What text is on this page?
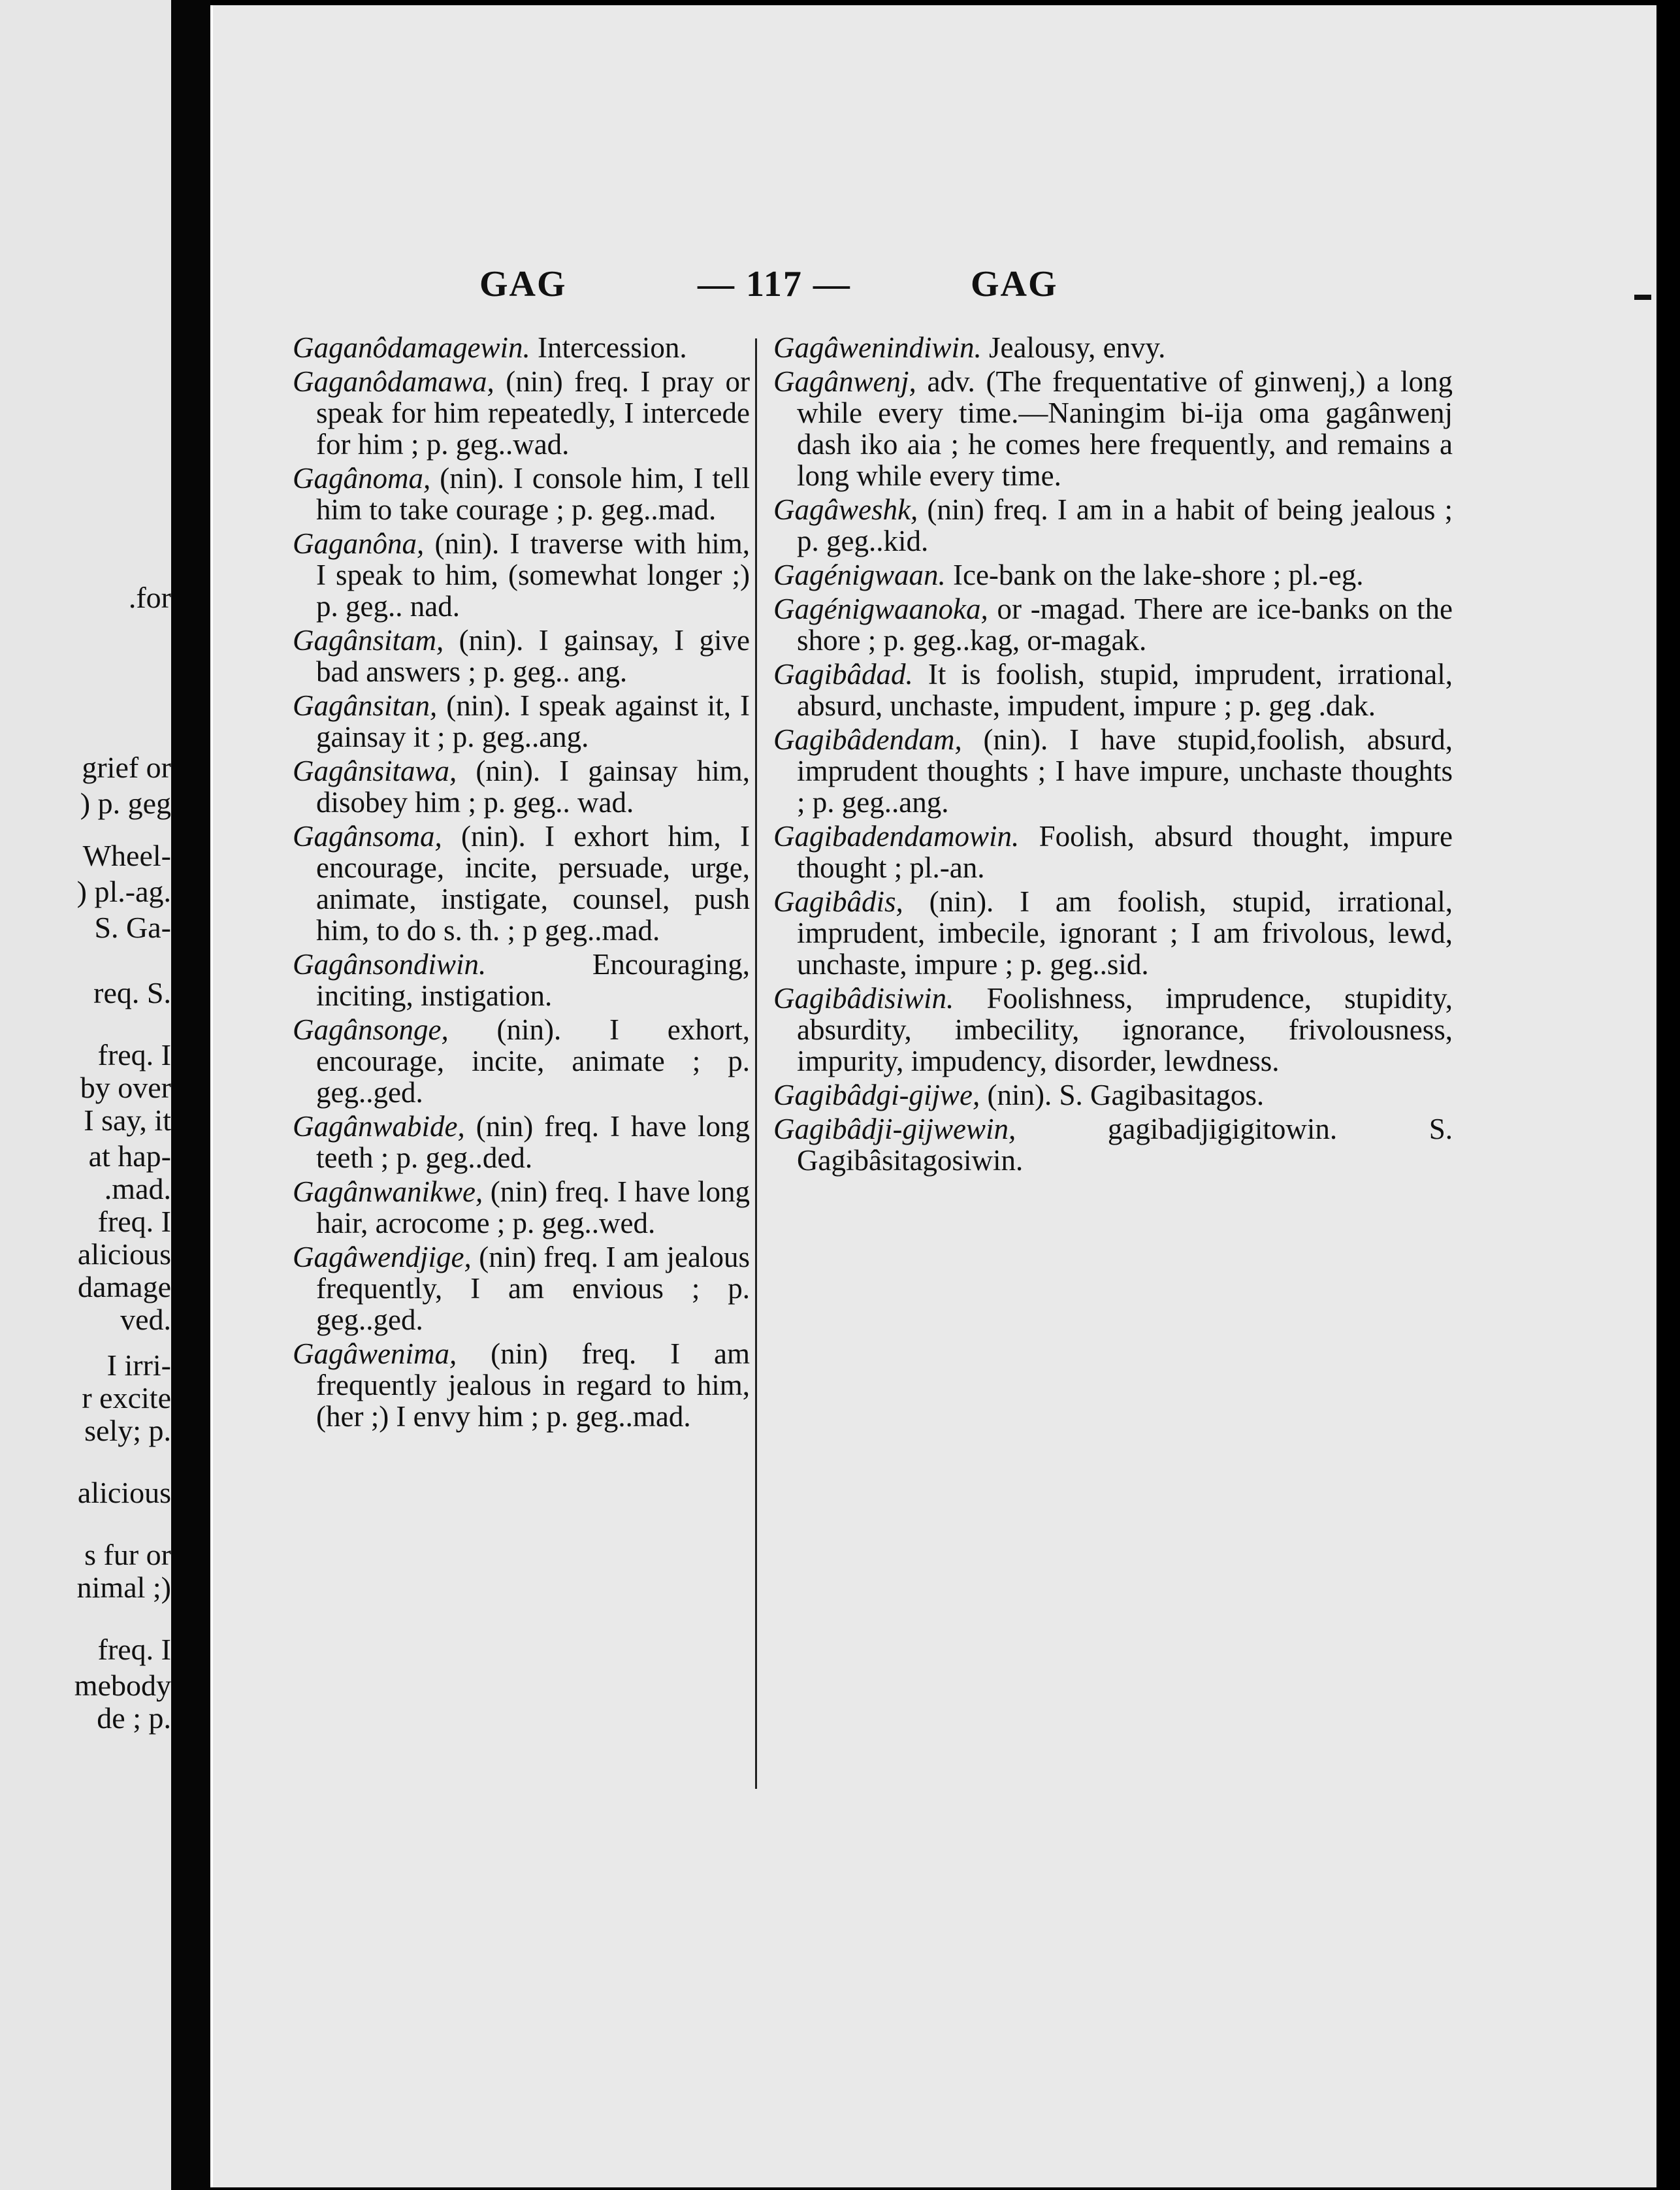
.for
grief or
) p. geg
Wheel-
) pl.-ag.
S. Ga-
req. S.
freq. I
by over
I say, it
at hap-
.mad.
freq. I
alicious
damage
ved.
I irri-
r excite
sely; p.
alicious
s fur or
nimal ;)
freq. I
mebody
de ; p.
GAG	— 117 —	GAG

Gaganôdamagewin. Intercession.

Gaganôdamawa, (nin) freq. I pray or speak for him repeatedly, I intercede for him ; p. geg..wad.

Gagânoma, (nin). I console him, I tell him to take courage ; p. geg..mad.

Gaganôna, (nin). I traverse with him, I speak to him, (somewhat longer ;) p. geg.. nad.

Gagânsitam, (nin). I gainsay, I give bad answers ; p. geg.. ang.

Gagânsitan, (nin). I speak against it, I gainsay it ; p. geg..ang.

Gagânsitawa, (nin). I gainsay him, disobey him ; p. geg.. wad.

Gagânsoma, (nin). I exhort him, I encourage, incite, persuade, urge, animate, instigate, counsel, push him, to do s. th. ; p geg..mad.

Gagânsondiwin.	Encouraging, inciting, instigation.

Gagânsonge, (nin). I exhort, encourage, incite, animate ; p. geg..ged.

Gagânwabide, (nin) freq. I have long teeth ; p. geg..ded.

Gagânwanikwe, (nin) freq. I have long hair, acrocome ; p. geg..wed.

Gagâwendjige, (nin) freq. I am jealous frequently, I am envious ; p. geg..ged.

Gagâwenima, (nin) freq. I am frequently jealous in regard to him, (her ;) I envy him ; p. geg..mad.

Gagâwenindiwin. Jealousy, envy.

Gagânwenj, adv. (The frequentative of ginwenj,) a long while every time.—Naningim bi-ija oma gagânwenj dash iko aia ; he comes here frequently, and remains a long while every time.

Gagâweshk, (nin) freq. I am in a habit of being jealous ; p. geg..kid.

Gagénigwaan. Ice-bank on the lake-shore ; pl.-eg.

Gagénigwaanoka, or -magad. There are ice-banks on the shore ; p. geg..kag, or-magak.

Gagibâdad. It is foolish, stupid, imprudent, irrational, absurd, unchaste, impudent, impure ; p. geg .dak.

Gagibâdendam, (nin). I have stupid,foolish, absurd, imprudent thoughts ; I have impure, unchaste thoughts ; p. geg..ang.

Gagibadendamowin. Foolish, absurd thought, impure thought ; pl.-an.

Gagibâdis, (nin). I am foolish, stupid, irrational, imprudent, imbecile, ignorant ; I am frivolous, lewd, unchaste, impure ; p. geg..sid.

Gagibâdisiwin. Foolishness, imprudence, stupidity, absurdity, imbecility, ignorance, frivolousness, impurity, impudency, disorder, lewdness.

Gagibâdgi-gijwe, (nin). S. Gagibasitagos.

Gagibâdji-gijwewin,	gagibadjigigitowin. S. Gagibâsitagosiwin.
